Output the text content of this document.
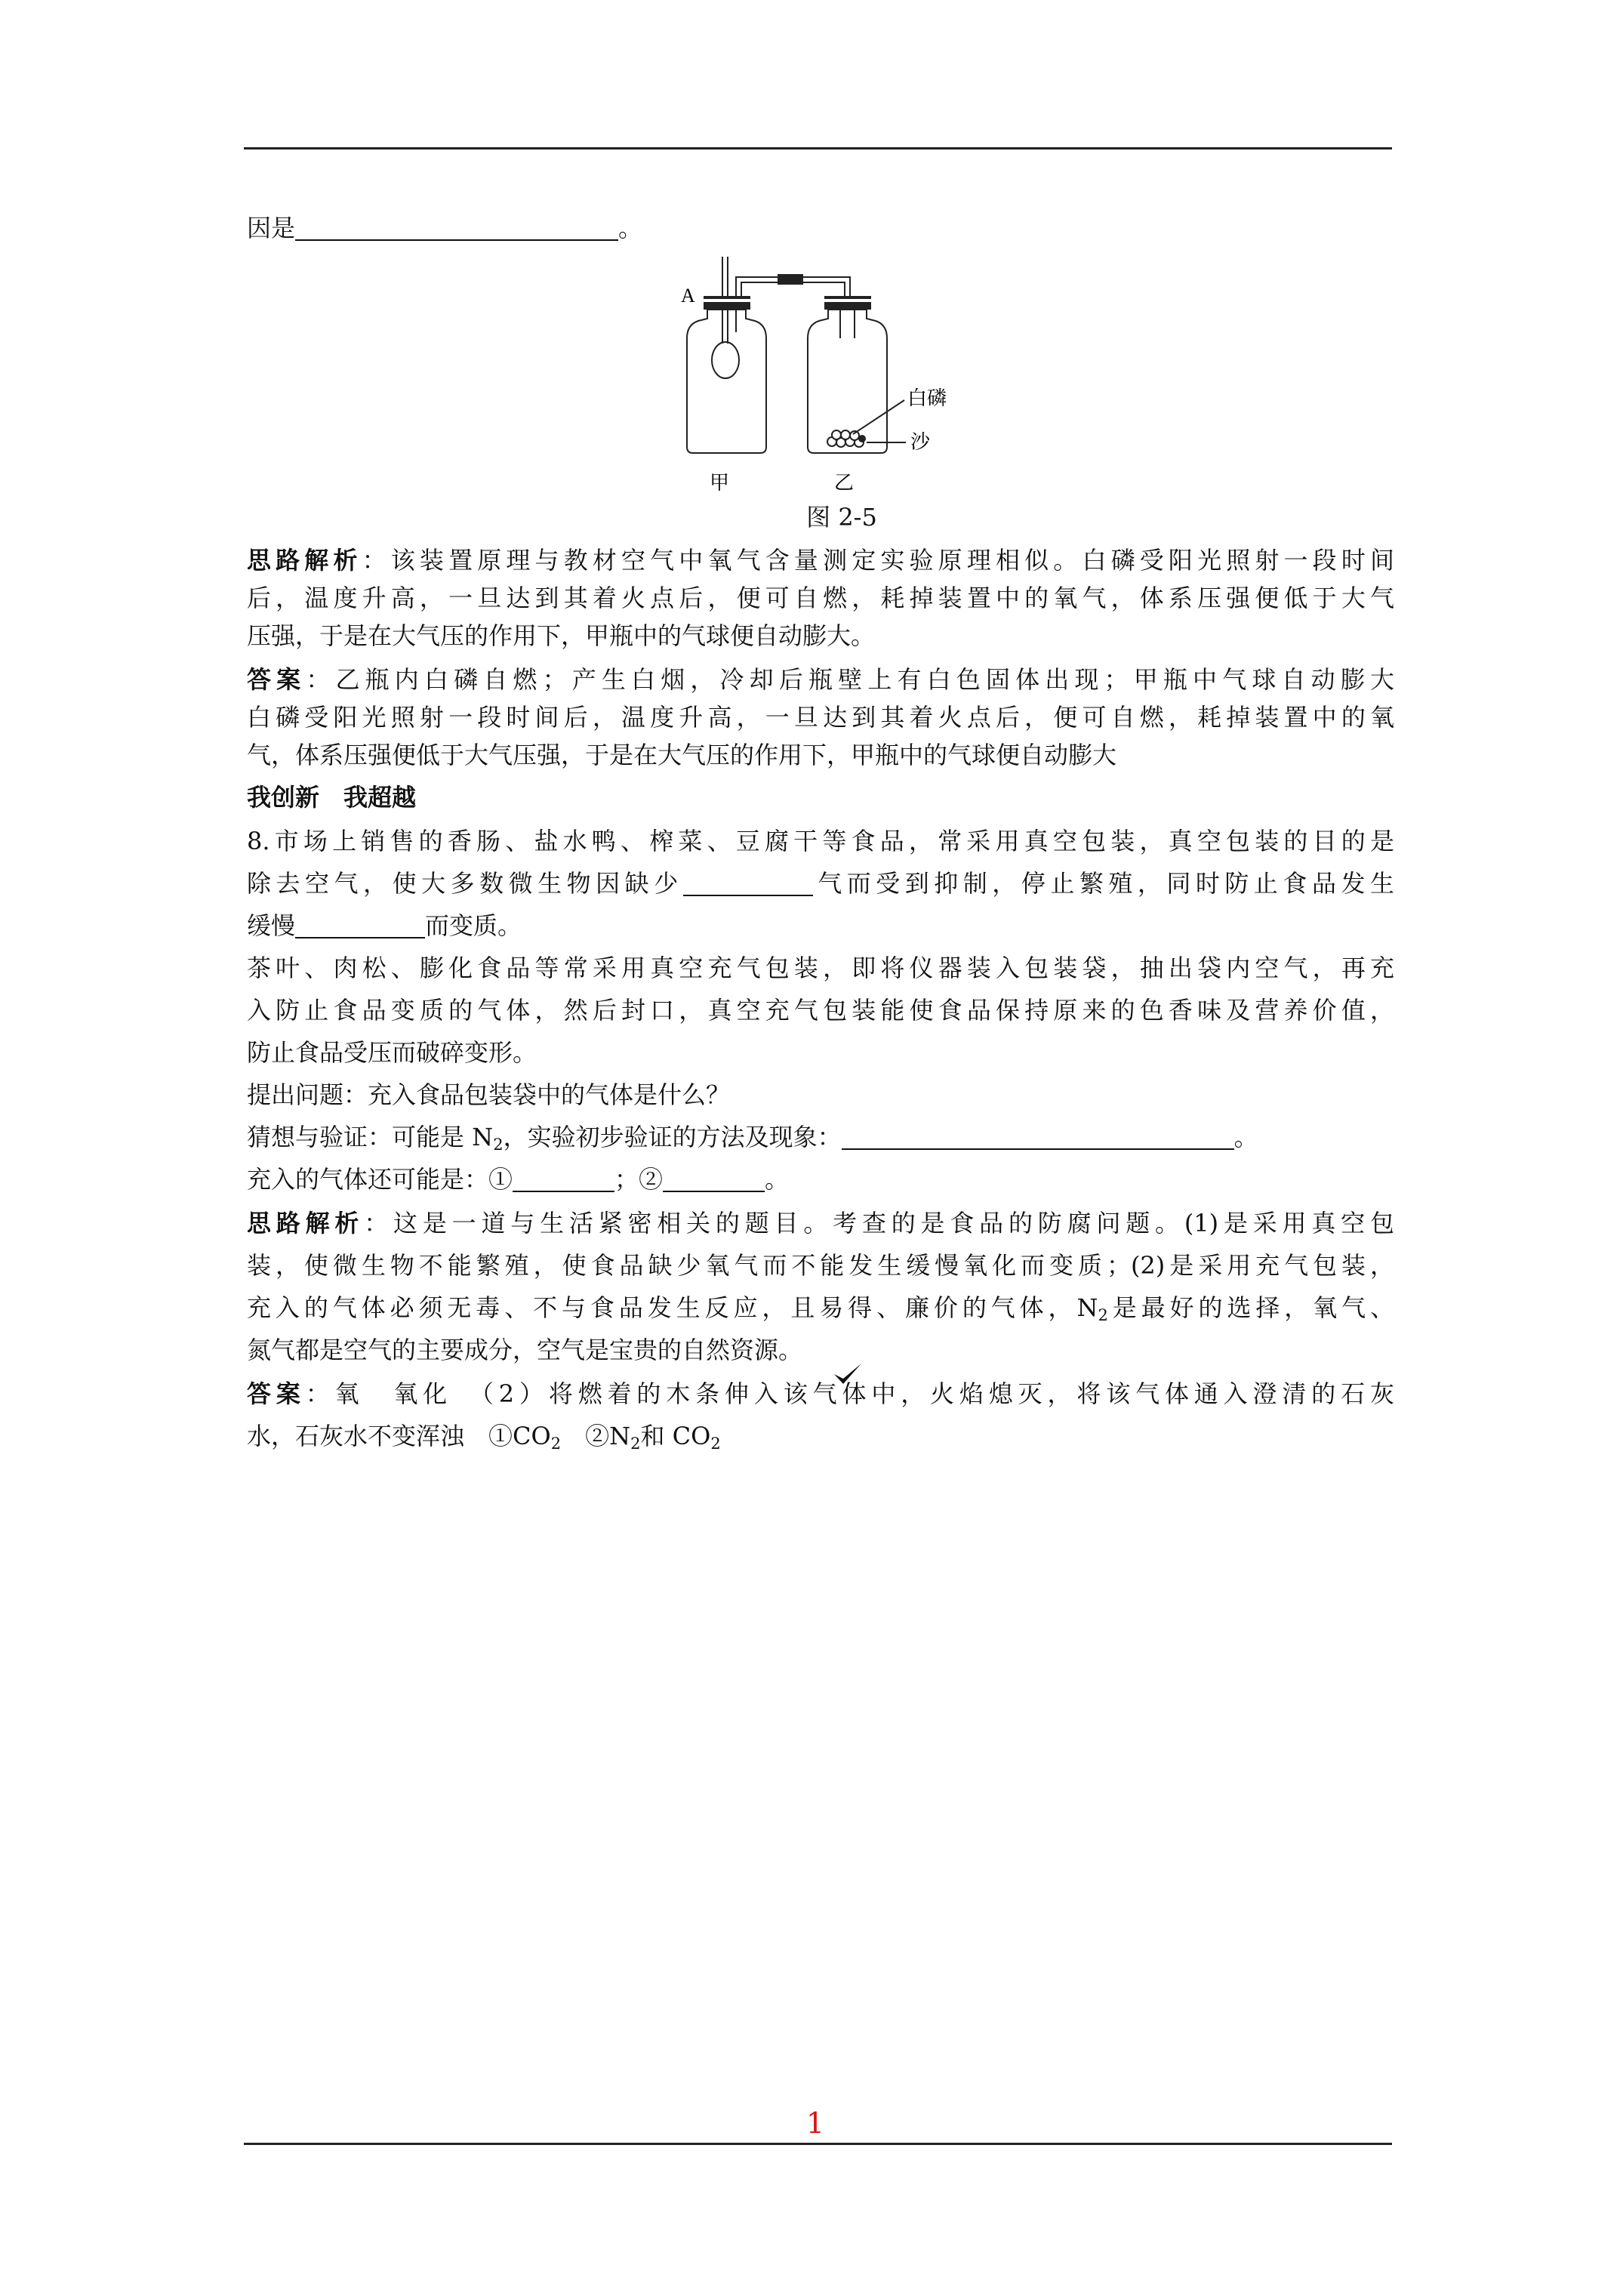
因是	。
A
白磷
沙
甲	乙
图 2-5
思路解析：该装置原理与教材空气中氧气含量测定实验原理相似。白磷受阳光照射一段时间
后，温度升高，一旦达到其着火点后，便可自燃，耗掉装置中的氧气，体系压强便低于大气
压强，于是在大气压的作用下，甲瓶中的气球便自动膨大。
答案：乙瓶内白磷自燃；产生白烟，冷却后瓶壁上有白色固体出现；甲瓶中气球自动膨大
白磷受阳光照射一段时间后，温度升高，一旦达到其着火点后，便可自燃，耗掉装置中的氧
气，体系压强便低于大气压强，于是在大气压的作用下，甲瓶中的气球便自动膨大
我创新　我超越
8.市场上销售的香肠、盐水鸭、榨菜、豆腐干等食品，常采用真空包装，真空包装的目的是
除去空气，使大多数微生物因缺少	气而受到抑制，停止繁殖，同时防止食品发生
缓慢	而变质。
茶叶、肉松、膨化食品等常采用真空充气包装，即将仪器装入包装袋，抽出袋内空气，再充
入防止食品变质的气体，然后封口，真空充气包装能使食品保持原来的色香味及营养价值，
防止食品受压而破碎变形。
提出问题：充入食品包装袋中的气体是什么？
猜想与验证：可能是 $N_2$，实验初步验证的方法及现象：	。
充入的气体还可能是：①	；②	。
思路解析：这是一道与生活紧密相关的题目。考查的是食品的防腐问题。(1)是采用真空包
装，使微生物不能繁殖，使食品缺少氧气而不能发生缓慢氧化而变质；(2)是采用充气包装，
充入的气体必须无毒、不与食品发生反应，且易得、廉价的气体，$N_2$是最好的选择，氧气、
氮气都是空气的主要成分，空气是宝贵的自然资源。
答案：氧　氧化　（2）将燃着的木条伸入该气体中，火焰熄灭，将该气体通入澄清的石灰
水，石灰水不变浑浊　$①CO_2$　$②N_2$和 $CO_2$
1
